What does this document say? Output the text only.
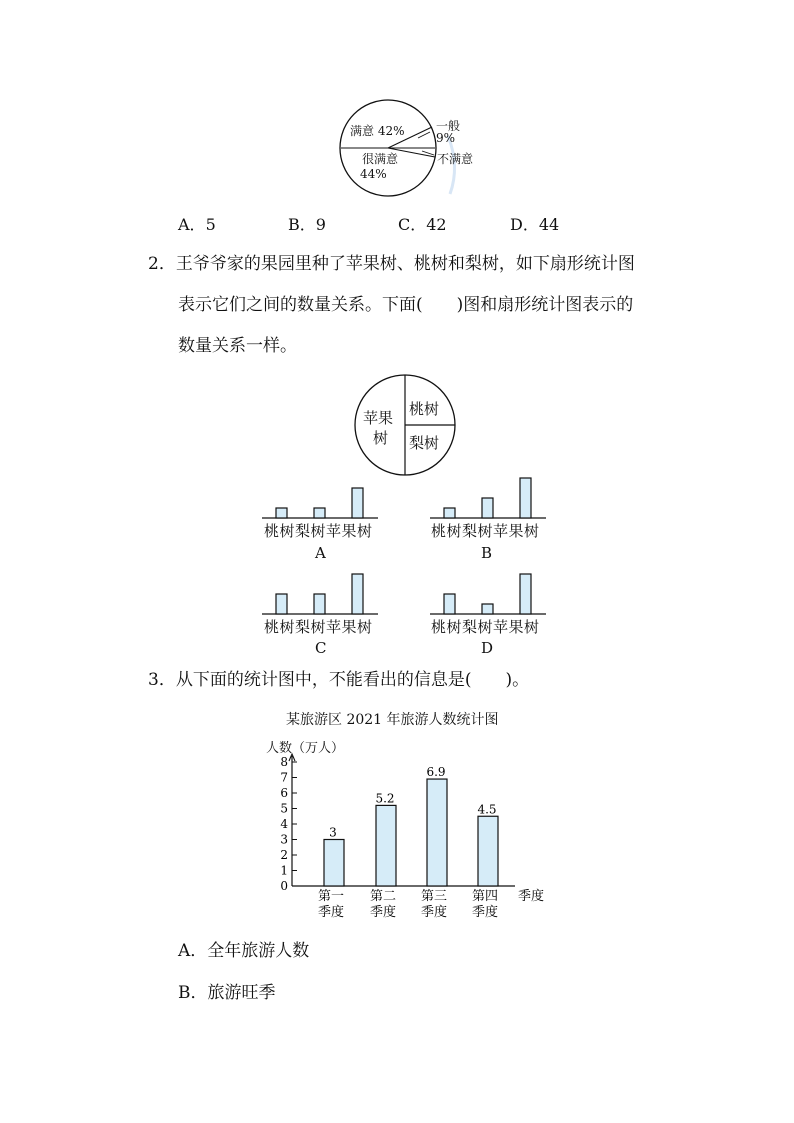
满意 42%	一般
9%
不满意
很满意
44%
A．5	B．9	C．42	D．44
2．王爷爷家的果园里种了苹果树、桃树和梨树，如下扇形统计图
表示它们之间的数量关系。下面( )图和扇形统计图表示的
数量关系一样。
苹果
树
桃树
梨树
桃树梨树苹果树	桃树梨树苹果树
桃树梨树苹果树	桃树梨树苹果树
A	B
C	D
3．从下面的统计图中，不能看出的信息是( )。
某旅游区 2021 年旅游人数统计图
人数（万人）
0
1
2
3
4
5
6
7
8
3
第一
季度
5.2
第二
季度
6.9
第三
季度
4.5
第四
季度
季度
A．全年旅游人数
B．旅游旺季
